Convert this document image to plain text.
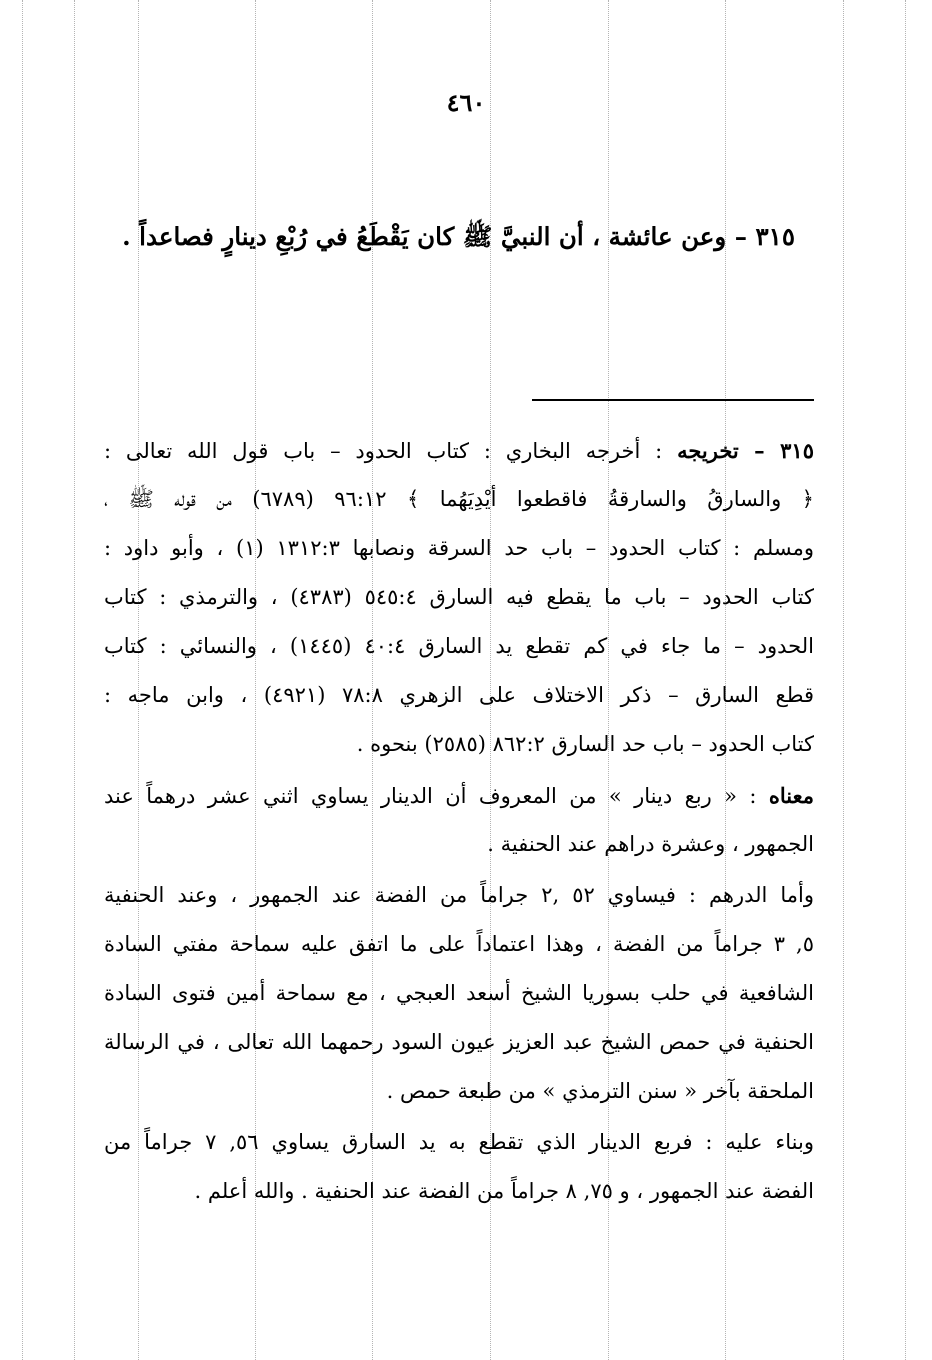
٤٦٠
٣١٥ – وعن عائشة ، أن النبيَّ ﷺ كان يَقْطَعُ في رُبْعِ دينارٍ فصاعداً .
٣١٥ – تخريجه : أخرجه البخاري : كتاب الحدود – باب قول الله تعالى :
﴿ والسارقُ والسارقةُ فاقطعوا أيْدِيَهُما ﴾ ٩٦:١٢ (٦٧٨٩) من قوله ﷺ ،
ومسلم : كتاب الحدود – باب حد السرقة ونصابها ١٣١٢:٣ (١) ، وأبو داود :
كتاب الحدود – باب ما يقطع فيه السارق ٥٤٥:٤ (٤٣٨٣) ، والترمذي : كتاب
الحدود – ما جاء في كم تقطع يد السارق ٤٠:٤ (١٤٤٥) ، والنسائي : كتاب
قطع السارق – ذكر الاختلاف على الزهري ٧٨:٨ (٤٩٢١) ، وابن ماجه :
كتاب الحدود – باب حد السارق ٨٦٢:٢ (٢٥٨٥) بنحوه .
معناه : « ربع دينار » من المعروف أن الدينار يساوي اثني عشر درهماً عند
الجمهور ، وعشرة دراهم عند الحنفية .
وأما الدرهم : فيساوي ٥٢ ,٢ جراماً من الفضة عند الجمهور ، وعند الحنفية
٥, ٣ جراماً من الفضة ، وهذا اعتماداً على ما اتفق عليه سماحة مفتي السادة
الشافعية في حلب بسوريا الشيخ أسعد العبجي ، مع سماحة أمين فتوى السادة
الحنفية في حمص الشيخ عبد العزيز عيون السود رحمهما الله تعالى ، في الرسالة
الملحقة بآخر « سنن الترمذي » من طبعة حمص .
وبناء عليه : فربع الدينار الذي تقطع به يد السارق يساوي ٥٦, ٧ جراماً من
الفضة عند الجمهور ، و ٧٥, ٨ جراماً من الفضة عند الحنفية . والله أعلم .
